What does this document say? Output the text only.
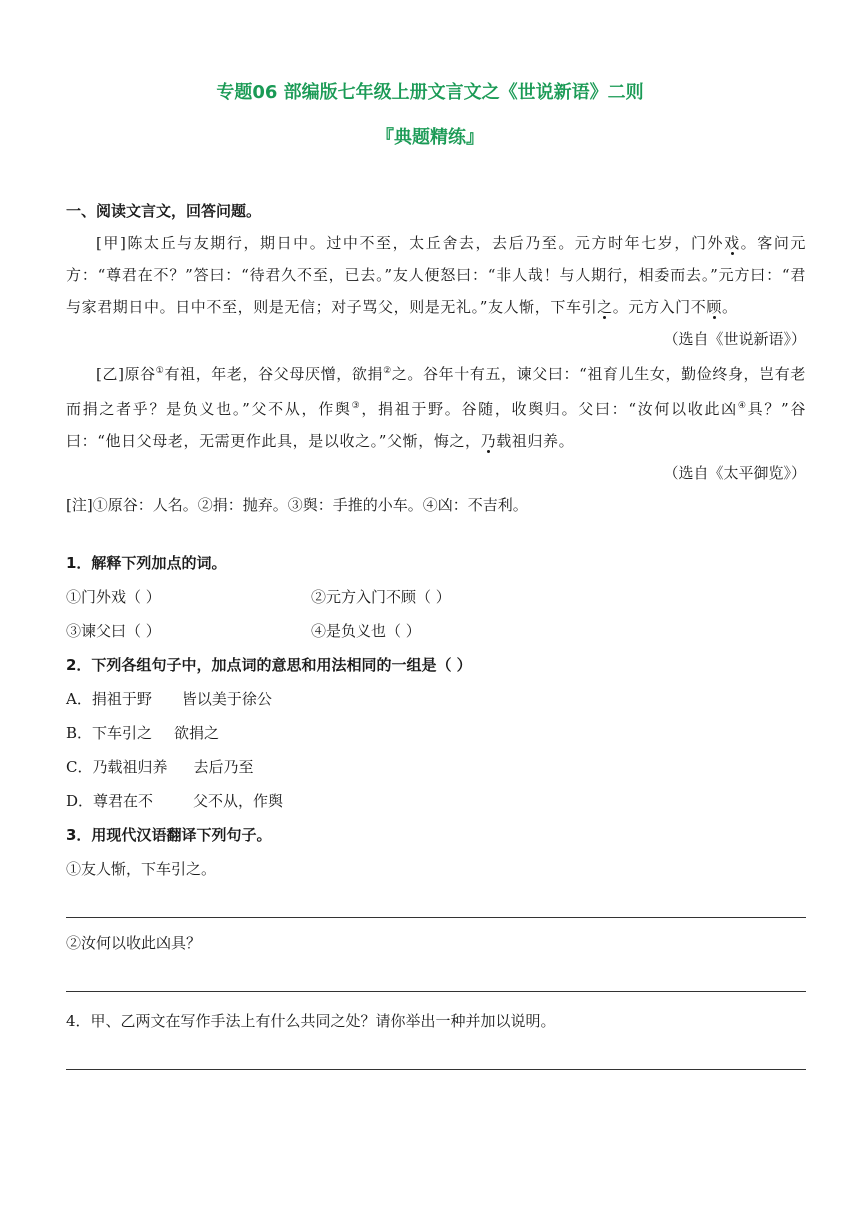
专题06 部编版七年级上册文言文之《世说新语》二则
『典题精练』

一、阅读文言文，回答问题。

[甲]陈太丘与友期行，期日中。过中不至，太丘舍去，去后乃至。元方时年七岁，门外戏。客问元方：“尊君在不？”答曰：“待君久不至，已去。”友人便怒曰：“非人哉！与人期行，相委而去。”元方曰：“君与家君期日中。日中不至，则是无信；对子骂父，则是无礼。”友人惭，下车引之。元方入门不顾。

（选自《世说新语》）

[乙]原谷①有祖，年老，谷父母厌憎，欲捐②之。谷年十有五，谏父曰：“祖育儿生女，勤俭终身，岂有老而捐之者乎？是负义也。”父不从，作舆③，捐祖于野。谷随，收舆归。父曰：“汝何以收此凶④具？”谷曰：“他日父母老，无需更作此具，是以收之。”父惭，悔之，乃载祖归养。

（选自《太平御览》）

[注]①原谷：人名。②捐：抛弃。③舆：手推的小车。④凶：不吉利。

1．解释下列加点的词。

①门外戏（ ）	②元方入门不顾（ ）
③谏父曰（ ）	④是负义也（ ）

2．下列各组句子中，加点词的意思和用法相同的一组是（ ）

A．捐祖于野 皆以美于徐公
B．下车引之 欲捐之
C．乃载祖归养 去后乃至
D．尊君在不	父不从，作舆

3．用现代汉语翻译下列句子。

①友人惭，下车引之。

②汝何以收此凶具？

4．甲、乙两文在写作手法上有什么共同之处？请你举出一种并加以说明。
